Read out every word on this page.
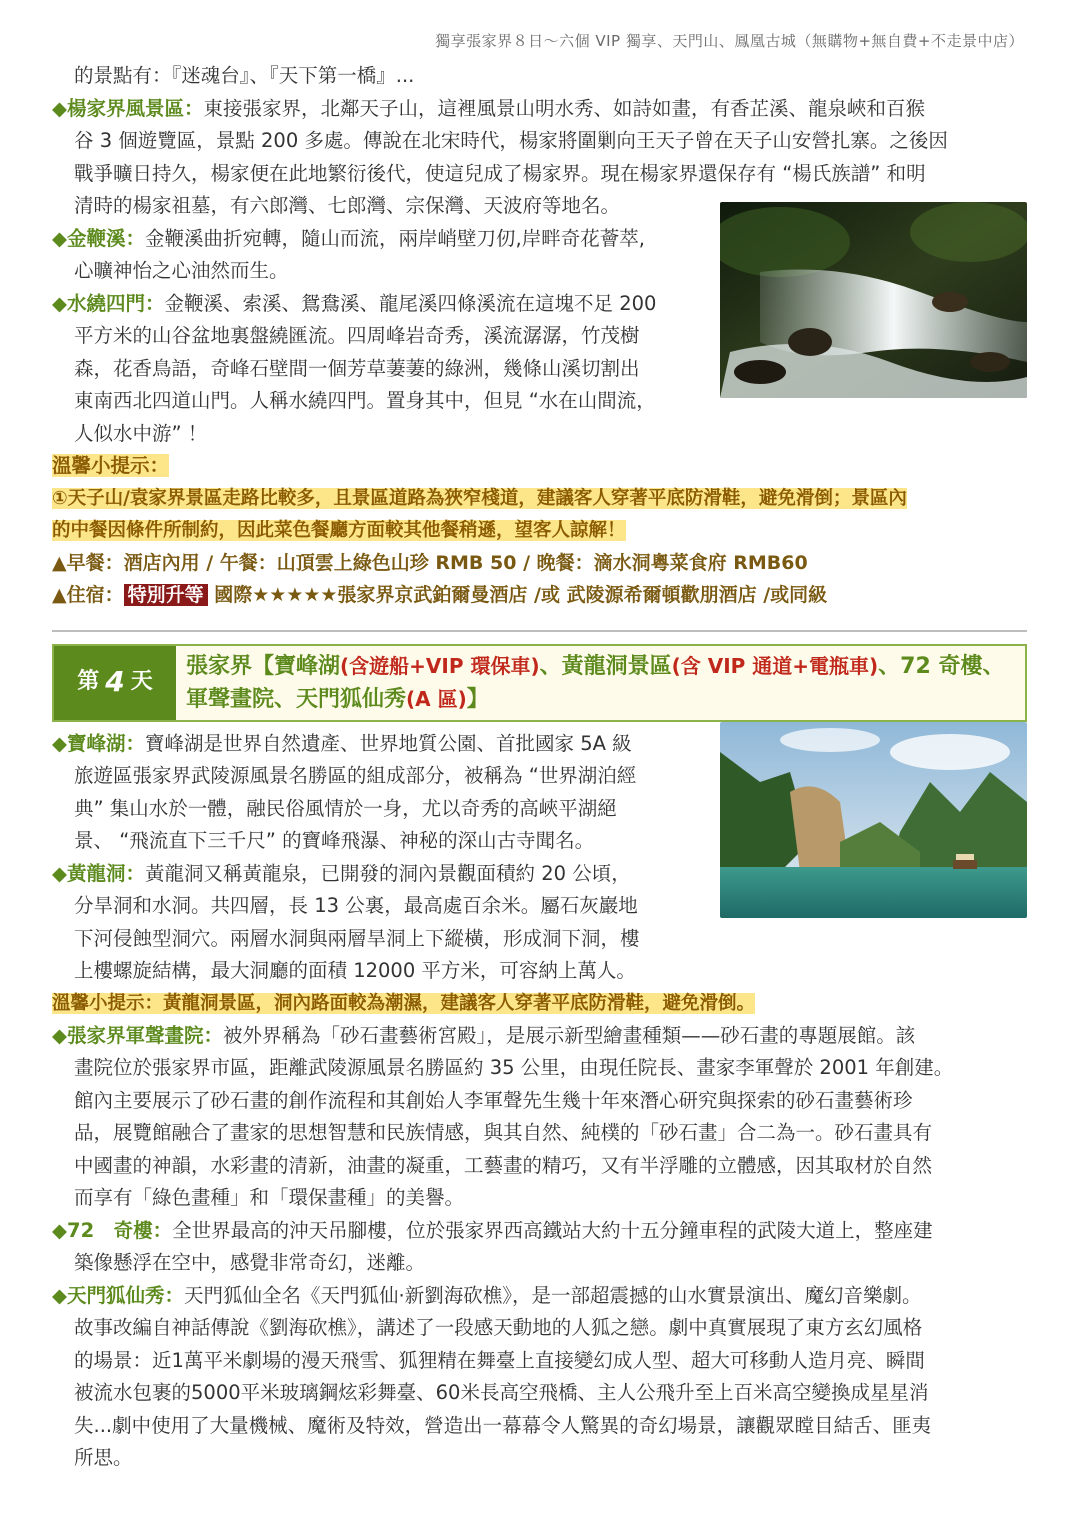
獨享張家界８日～六個 VIP 獨享、天門山、鳳凰古城（無購物+無自費+不走景中店）

的景點有：『迷魂台』、『天下第一橋』...

◆楊家界風景區：東接張家界，北鄰天子山，這裡風景山明水秀、如詩如畫，有香芷溪、龍泉峽和百猴

谷 3 個遊覽區，景點 200 多處。傳說在北宋時代，楊家將圍剿向王天子曾在天子山安營扎寨。之後因

戰爭曠日持久，楊家便在此地繁衍後代，使這兒成了楊家界。現在楊家界還保存有 “楊氏族譜” 和明

清時的楊家祖墓，有六郎灣、七郎灣、宗保灣、天波府等地名。

◆金鞭溪：金鞭溪曲折宛轉，隨山而流，兩岸峭壁刀仞,岸畔奇花薈萃,

心曠神怡之心油然而生。

◆水繞四門：金鞭溪、索溪、鴛鴦溪、龍尾溪四條溪流在這塊不足 200

平方米的山谷盆地裏盤繞匯流。四周峰岩奇秀，溪流潺潺，竹茂樹

森，花香鳥語，奇峰石壁間一個芳草萋萋的綠洲，幾條山溪切割出

東南西北四道山門。人稱水繞四門。置身其中，但見 “水在山間流，

人似水中游” ！

溫馨小提示：

①天子山/袁家界景區走路比較多，且景區道路為狹窄棧道，建議客人穿著平底防滑鞋，避免滑倒；景區內

的中餐因條件所制約，因此菜色餐廳方面較其他餐稍遜，望客人諒解！

▲早餐：酒店內用 / 午餐：山頂雲上綠色山珍 RMB 50 / 晚餐：滴水洞粵菜食府 RMB60

▲住宿： 特別升等 國際★★★★★張家界京武鉑爾曼酒店 /或 武陵源希爾頓歡朋酒店 /或同級

第 4 天
張家界【寶峰湖(含遊船+VIP 環保車)、黃龍洞景區(含 VIP 通道+電瓶車)、72 奇樓、
軍聲畫院、天門狐仙秀(A 區)】

◆寶峰湖：寶峰湖是世界自然遺產、世界地質公園、首批國家 5A 級

旅遊區張家界武陵源風景名勝區的組成部分，被稱為 “世界湖泊經

典” 集山水於一體，融民俗風情於一身，尤以奇秀的高峽平湖絕

景、 “飛流直下三千尺” 的寶峰飛瀑、神秘的深山古寺聞名。

◆黃龍洞：黃龍洞又稱黃龍泉，已開發的洞內景觀面積約 20 公頃，

分旱洞和水洞。共四層，長 13 公裏，最高處百余米。屬石灰巖地

下河侵蝕型洞穴。兩層水洞與兩層旱洞上下縱橫，形成洞下洞，樓

上樓螺旋結構，最大洞廳的面積 12000 平方米，可容納上萬人。

溫馨小提示：黃龍洞景區，洞內路面較為潮濕，建議客人穿著平底防滑鞋，避免滑倒。

◆張家界軍聲畫院：被外界稱為「砂石畫藝術宮殿」，是展示新型繪畫種類——砂石畫的專題展館。該

畫院位於張家界市區，距離武陵源風景名勝區約 35 公里，由現任院長、畫家李軍聲於 2001 年創建。

館內主要展示了砂石畫的創作流程和其創始人李軍聲先生幾十年來潛心研究與探索的砂石畫藝術珍

品，展覽館融合了畫家的思想智慧和民族情感，與其自然、純樸的「砂石畫」合二為一。砂石畫具有

中國畫的神韻，水彩畫的清新，油畫的凝重，工藝畫的精巧，又有半浮雕的立體感，因其取材於自然

而享有「綠色畫種」和「環保畫種」的美譽。

◆72　奇樓：全世界最高的沖天吊腳樓，位於張家界西高鐵站大約十五分鐘車程的武陵大道上，整座建

築像懸浮在空中，感覺非常奇幻，迷離。

◆天門狐仙秀：天門狐仙全名《天門狐仙·新劉海砍樵》，是一部超震撼的山水實景演出、魔幻音樂劇。

故事改編自神話傳說《劉海砍樵》，講述了一段感天動地的人狐之戀。劇中真實展現了東方玄幻風格

的場景：近1萬平米劇場的漫天飛雪、狐狸精在舞臺上直接變幻成人型、超大可移動人造月亮、瞬間

被流水包裹的5000平米玻璃鋼炫彩舞臺、60米長高空飛橋、主人公飛升至上百米高空變換成星星消

失...劇中使用了大量機械、魔術及特效，營造出一幕幕令人驚異的奇幻場景，讓觀眾瞠目結舌、匪夷

所思。
